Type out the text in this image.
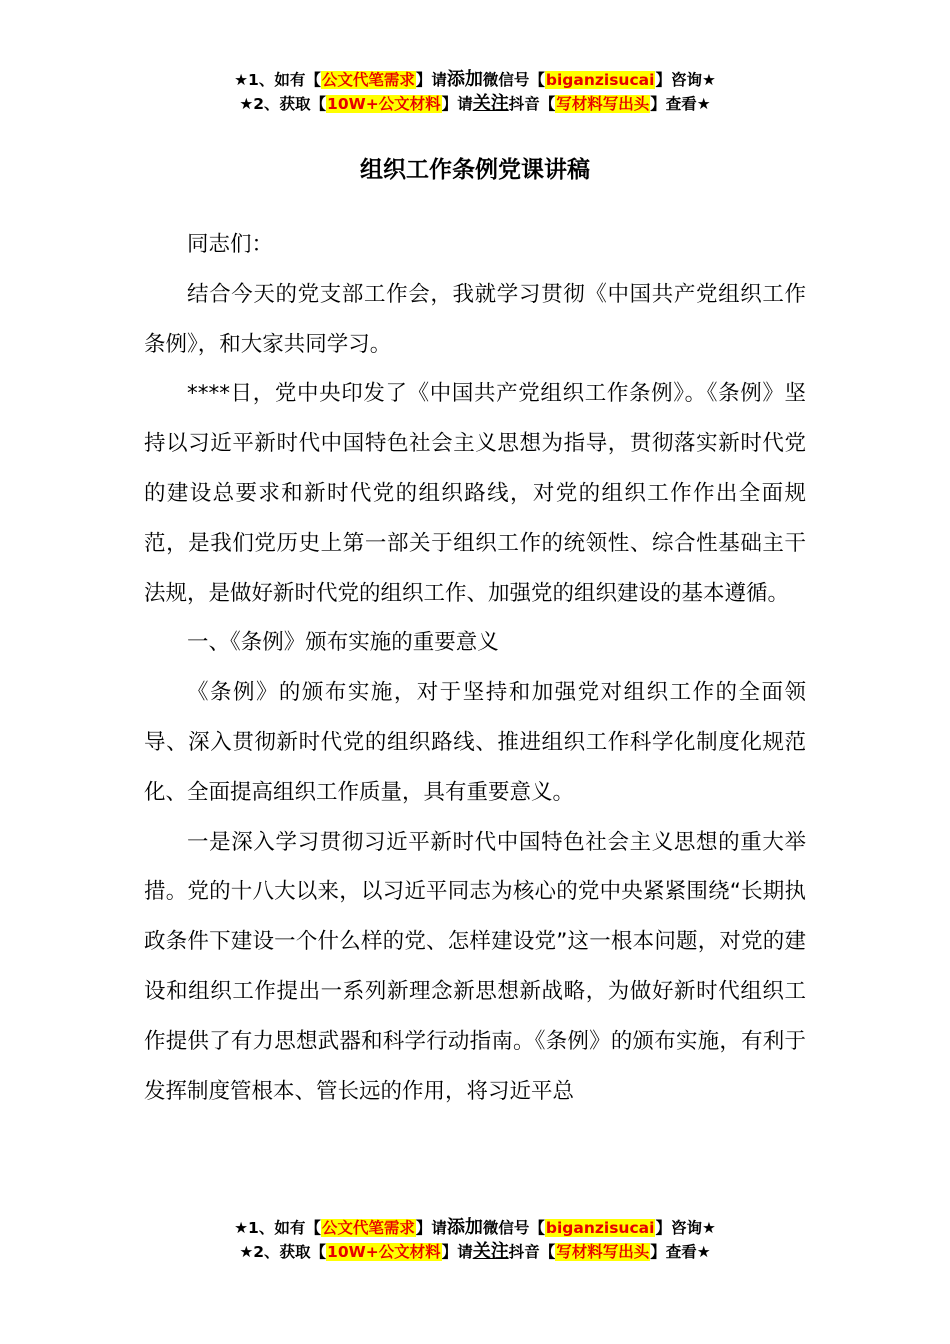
★1、如有【公文代笔需求】请添加微信号【biganzisucai】咨询★
★2、获取【10W+公文材料】请关注抖音【写材料写出头】查看★
组织工作条例党课讲稿

同志们：

结合今天的党支部工作会，我就学习贯彻《中国共产党组织工作条例》，和大家共同学习。

****日，党中央印发了《中国共产党组织工作条例》。《条例》坚持以习近平新时代中国特色社会主义思想为指导，贯彻落实新时代党的建设总要求和新时代党的组织路线，对党的组织工作作出全面规范，是我们党历史上第一部关于组织工作的统领性、综合性基础主干法规，是做好新时代党的组织工作、加强党的组织建设的基本遵循。

一、《条例》颁布实施的重要意义

《条例》的颁布实施，对于坚持和加强党对组织工作的全面领导、深入贯彻新时代党的组织路线、推进组织工作科学化制度化规范化、全面提高组织工作质量，具有重要意义。

一是深入学习贯彻习近平新时代中国特色社会主义思想的重大举措。党的十八大以来，以习近平同志为核心的党中央紧紧围绕“长期执政条件下建设一个什么样的党、怎样建设党”这一根本问题，对党的建设和组织工作提出一系列新理念新思想新战略，为做好新时代组织工作提供了有力思想武器和科学行动指南。《条例》的颁布实施，有利于发挥制度管根本、管长远的作用，将习近平总

★1、如有【公文代笔需求】请添加微信号【biganzisucai】咨询★
★2、获取【10W+公文材料】请关注抖音【写材料写出头】查看★
